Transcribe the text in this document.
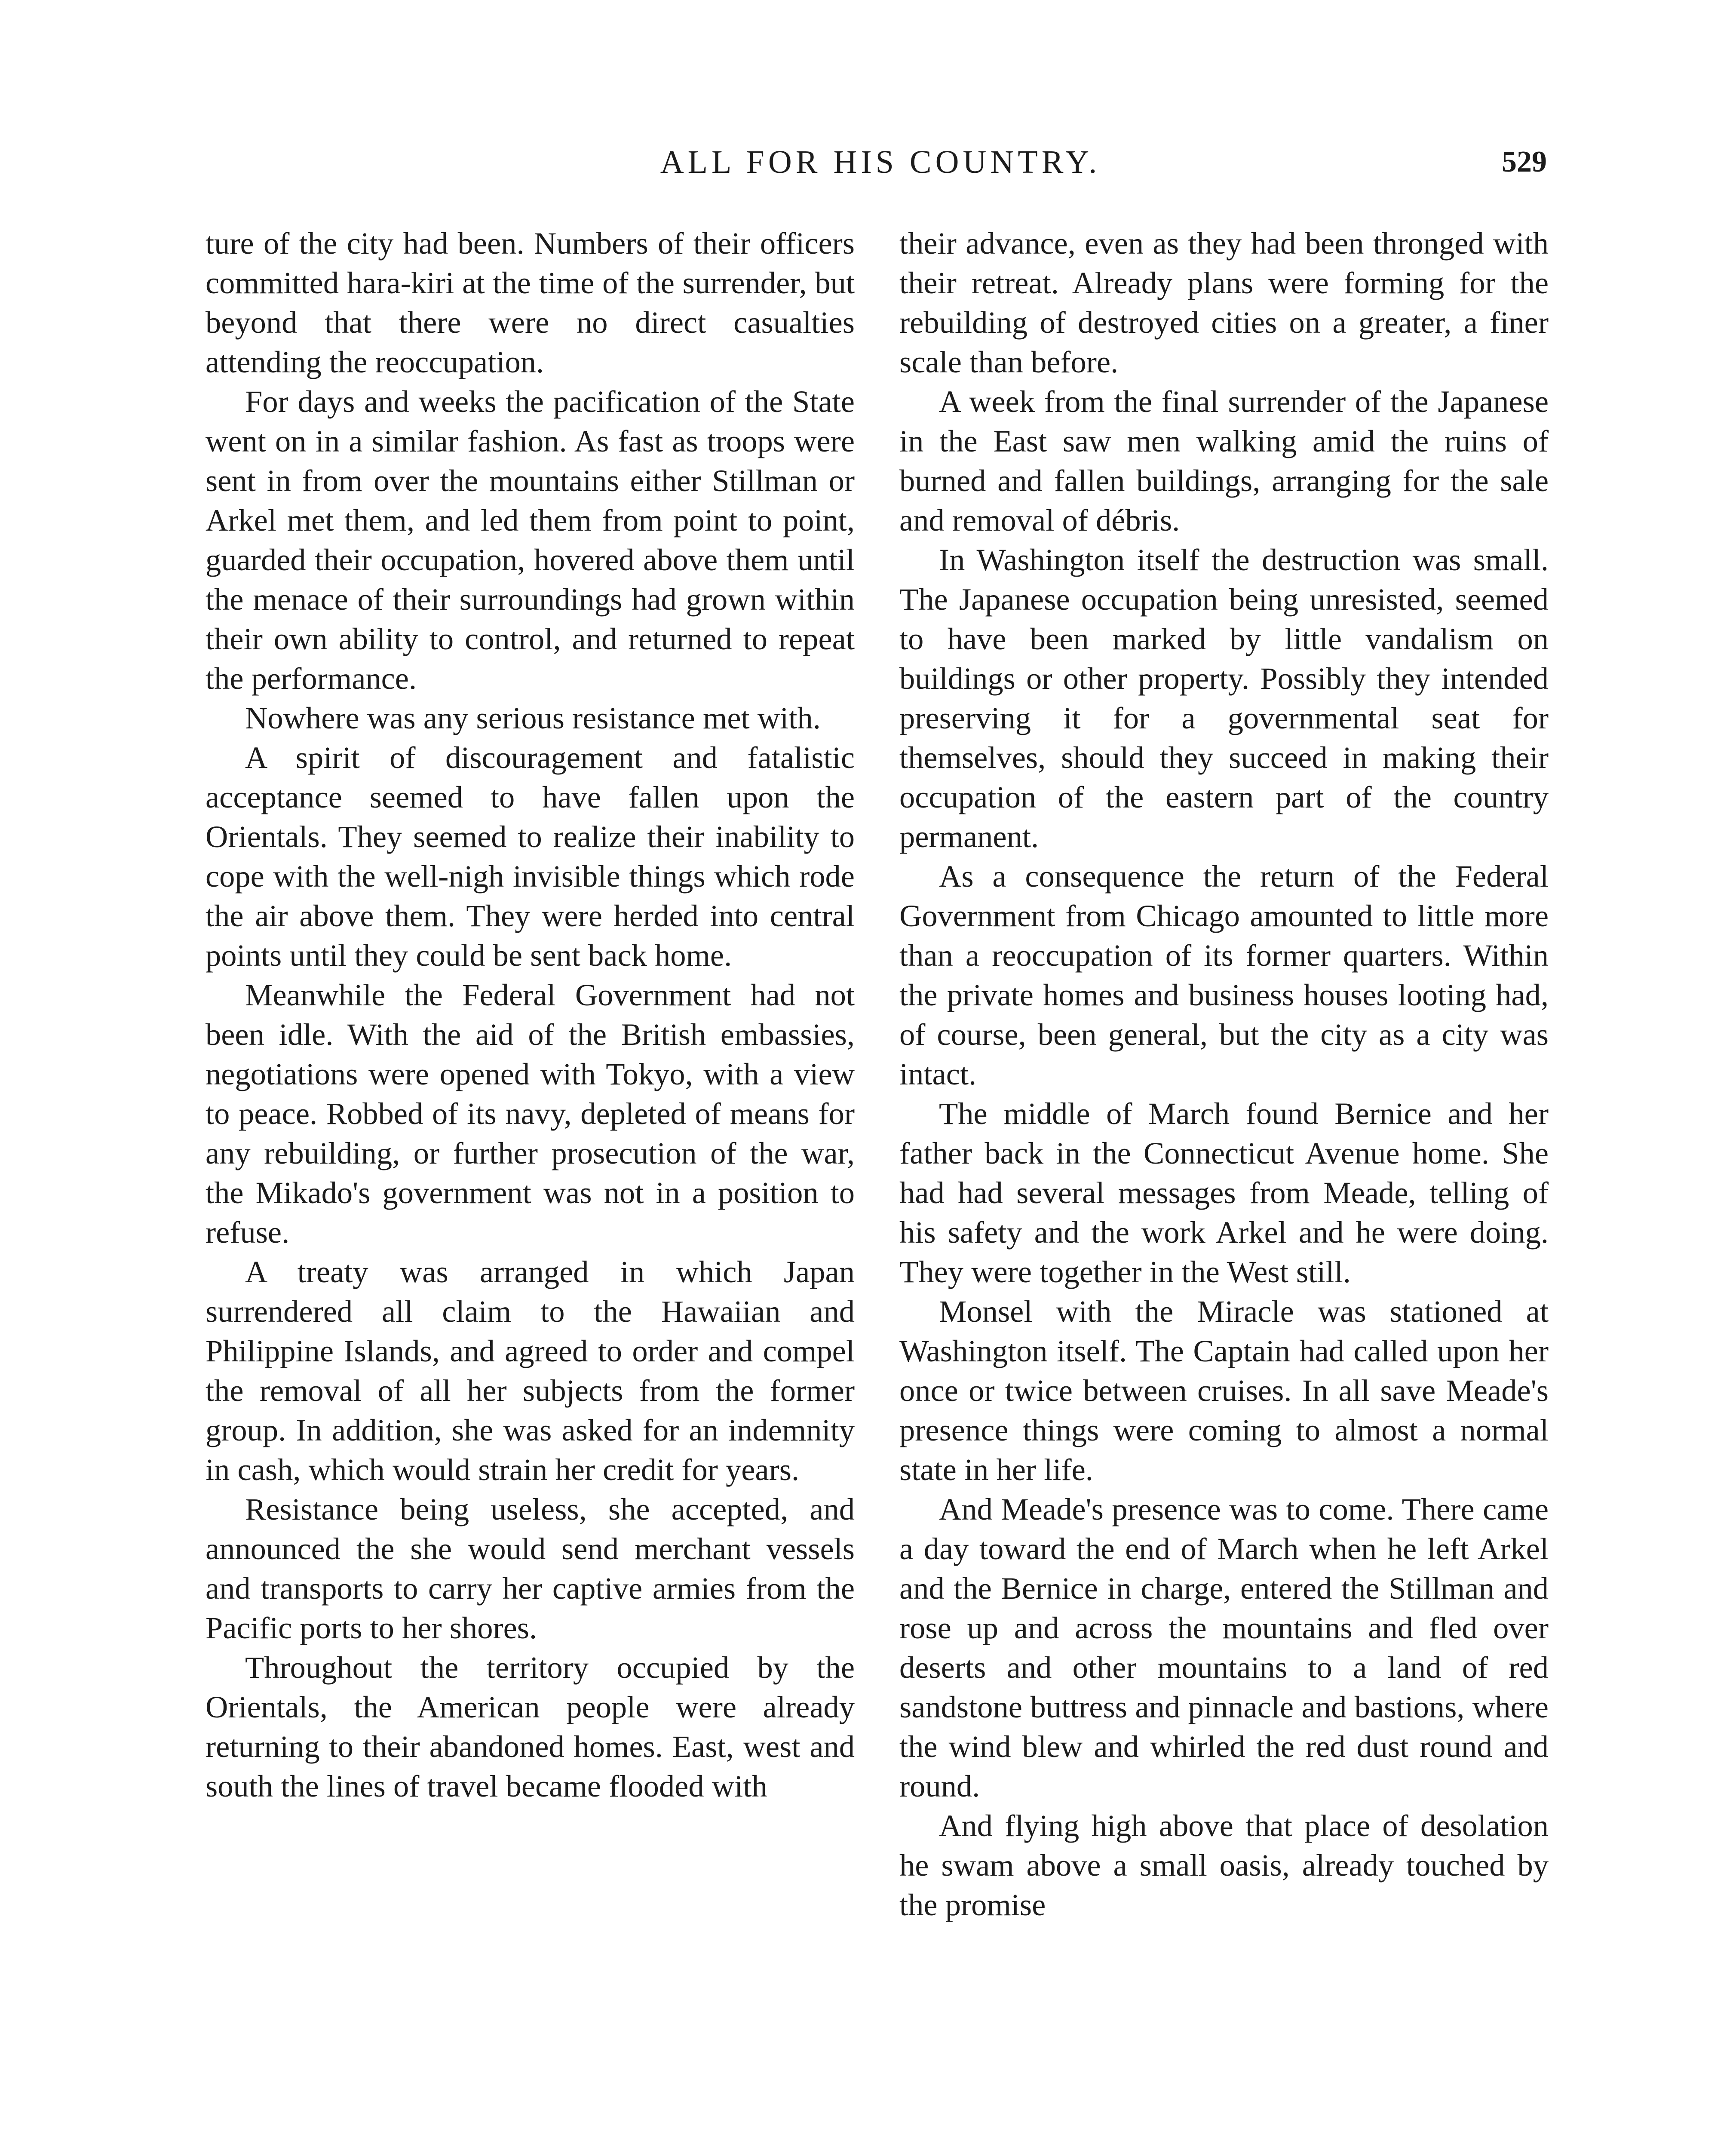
ALL FOR HIS COUNTRY.	529

ture of the city had been. Numbers of their officers committed hara-kiri at the time of the surrender, but beyond that there were no direct casualties attending the reoccupation.

For days and weeks the pacification of the State went on in a similar fashion. As fast as troops were sent in from over the mountains either Stillman or Arkel met them, and led them from point to point, guarded their occupation, hovered above them until the menace of their surroundings had grown within their own ability to control, and returned to repeat the performance.

Nowhere was any serious resistance met with.

A spirit of discouragement and fatalistic acceptance seemed to have fallen upon the Orientals. They seemed to realize their inability to cope with the well-nigh invisible things which rode the air above them. They were herded into central points until they could be sent back home.

Meanwhile the Federal Government had not been idle. With the aid of the British embassies, negotiations were opened with Tokyo, with a view to peace. Robbed of its navy, depleted of means for any rebuilding, or further prosecution of the war, the Mikado's government was not in a position to refuse.

A treaty was arranged in which Japan surrendered all claim to the Hawaiian and Philippine Islands, and agreed to order and compel the removal of all her subjects from the former group. In addition, she was asked for an indemnity in cash, which would strain her credit for years.

Resistance being useless, she accepted, and announced the she would send merchant vessels and transports to carry her captive armies from the Pacific ports to her shores.

Throughout the territory occupied by the Orientals, the American people were already returning to their abandoned homes. East, west and south the lines of travel became flooded with

their advance, even as they had been thronged with their retreat. Already plans were forming for the rebuilding of destroyed cities on a greater, a finer scale than before.

A week from the final surrender of the Japanese in the East saw men walking amid the ruins of burned and fallen buildings, arranging for the sale and removal of débris.

In Washington itself the destruction was small. The Japanese occupation being unresisted, seemed to have been marked by little vandalism on buildings or other property. Possibly they intended preserving it for a governmental seat for themselves, should they succeed in making their occupation of the eastern part of the country permanent.

As a consequence the return of the Federal Government from Chicago amounted to little more than a reoccupation of its former quarters. Within the private homes and business houses looting had, of course, been general, but the city as a city was intact.

The middle of March found Bernice and her father back in the Connecticut Avenue home. She had had several messages from Meade, telling of his safety and the work Arkel and he were doing. They were together in the West still.

Monsel with the Miracle was stationed at Washington itself. The Captain had called upon her once or twice between cruises. In all save Meade's presence things were coming to almost a normal state in her life.

And Meade's presence was to come. There came a day toward the end of March when he left Arkel and the Bernice in charge, entered the Stillman and rose up and across the mountains and fled over deserts and other mountains to a land of red sandstone buttress and pinnacle and bastions, where the wind blew and whirled the red dust round and round.

And flying high above that place of desolation he swam above a small oasis, already touched by the promise
